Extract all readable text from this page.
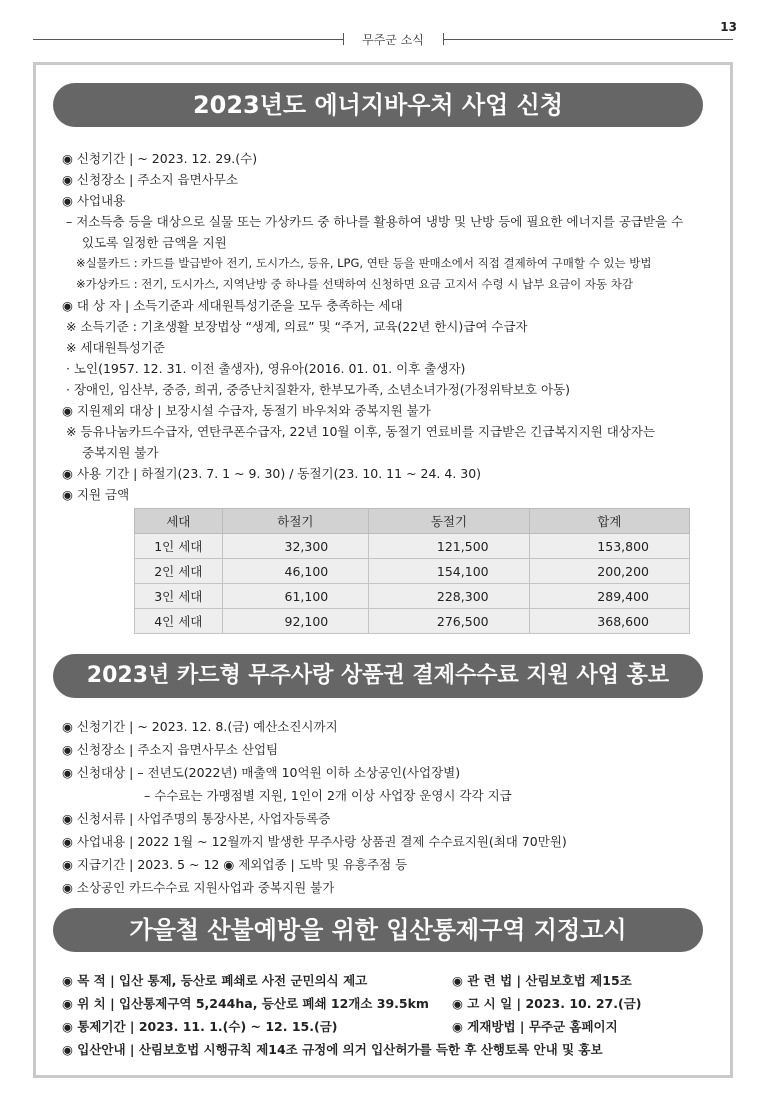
13
무주군 소식
2023년도 에너지바우처 사업 신청
◉ 신청기간 | ~ 2023. 12. 29.(수)
◉ 신청장소 | 주소지 읍면사무소
◉ 사업내용
– 저소득층 등을 대상으로 실물 또는 가상카드 중 하나를 활용하여 냉방 및 난방 등에 필요한 에너지를 공급받을 수
있도록 일정한 금액을 지원
※실물카드 : 카드를 발급받아 전기, 도시가스, 등유, LPG, 연탄 등을 판매소에서 직접 결제하여 구매할 수 있는 방법
※가상카드 : 전기, 도시가스, 지역난방 중 하나를 선택하여 신청하면 요금 고지서 수령 시 납부 요금이 자동 차감
◉ 대 상 자 | 소득기준과 세대원특성기준을 모두 충족하는 세대
※ 소득기준 : 기초생활 보장법상 “생계, 의료” 및 “주거, 교육(22년 한시)급여 수급자
※ 세대원특성기준
· 노인(1957. 12. 31. 이전 출생자), 영유아(2016. 01. 01. 이후 출생자)
· 장애인, 임산부, 중증, 희귀, 중증난치질환자, 한부모가족, 소년소녀가정(가정위탁보호 아동)
◉ 지원제외 대상 | 보장시설 수급자, 동절기 바우처와 중복지원 불가
※ 등유나눔카드수급자, 연탄쿠폰수급자, 22년 10월 이후, 동절기 연료비를 지급받은 긴급복지지원 대상자는
중복지원 불가
◉ 사용 기간 | 하절기(23. 7. 1 ~ 9. 30) / 동절기(23. 10. 11 ~ 24. 4. 30)
◉ 지원 금액
세대	하절기	동절기	합계
1인 세대	32,300	121,500	153,800
2인 세대	46,100	154,100	200,200
3인 세대	61,100	228,300	289,400
4인 세대	92,100	276,500	368,600
2023년 카드형 무주사랑 상품권 결제수수료 지원 사업 홍보
◉ 신청기간 | ~ 2023. 12. 8.(금) 예산소진시까지
◉ 신청장소 | 주소지 읍면사무소 산업팀
◉ 신청대상 | – 전년도(2022년) 매출액 10억원 이하 소상공인(사업장별)
– 수수료는 가맹점별 지원, 1인이 2개 이상 사업장 운영시 각각 지급
◉ 신청서류 | 사업주명의 통장사본, 사업자등록증
◉ 사업내용 | 2022 1월 ~ 12월까지 발생한 무주사랑 상품권 결제 수수료지원(최대 70만원)
◉ 지급기간 | 2023. 5 ~ 12 ◉ 제외업종 | 도박 및 유흥주점 등
◉ 소상공인 카드수수료 지원사업과 중복지원 불가
가을철 산불예방을 위한 입산통제구역 지정고시
◉ 목 적 | 입산 통제, 등산로 폐쇄로 사전 군민의식 제고	◉ 관 련 법 | 산림보호법 제15조
◉ 위 치 | 입산통제구역 5,244ha, 등산로 폐쇄 12개소 39.5km ◉ 고 시 일 | 2023. 10. 27.(금)
◉ 통제기간 | 2023. 11. 1.(수) ~ 12. 15.(금)	◉ 게재방법 | 무주군 홈페이지
◉ 입산안내 | 산림보호법 시행규칙 제14조 규정에 의거 입산허가를 득한 후 산행토록 안내 및 홍보
